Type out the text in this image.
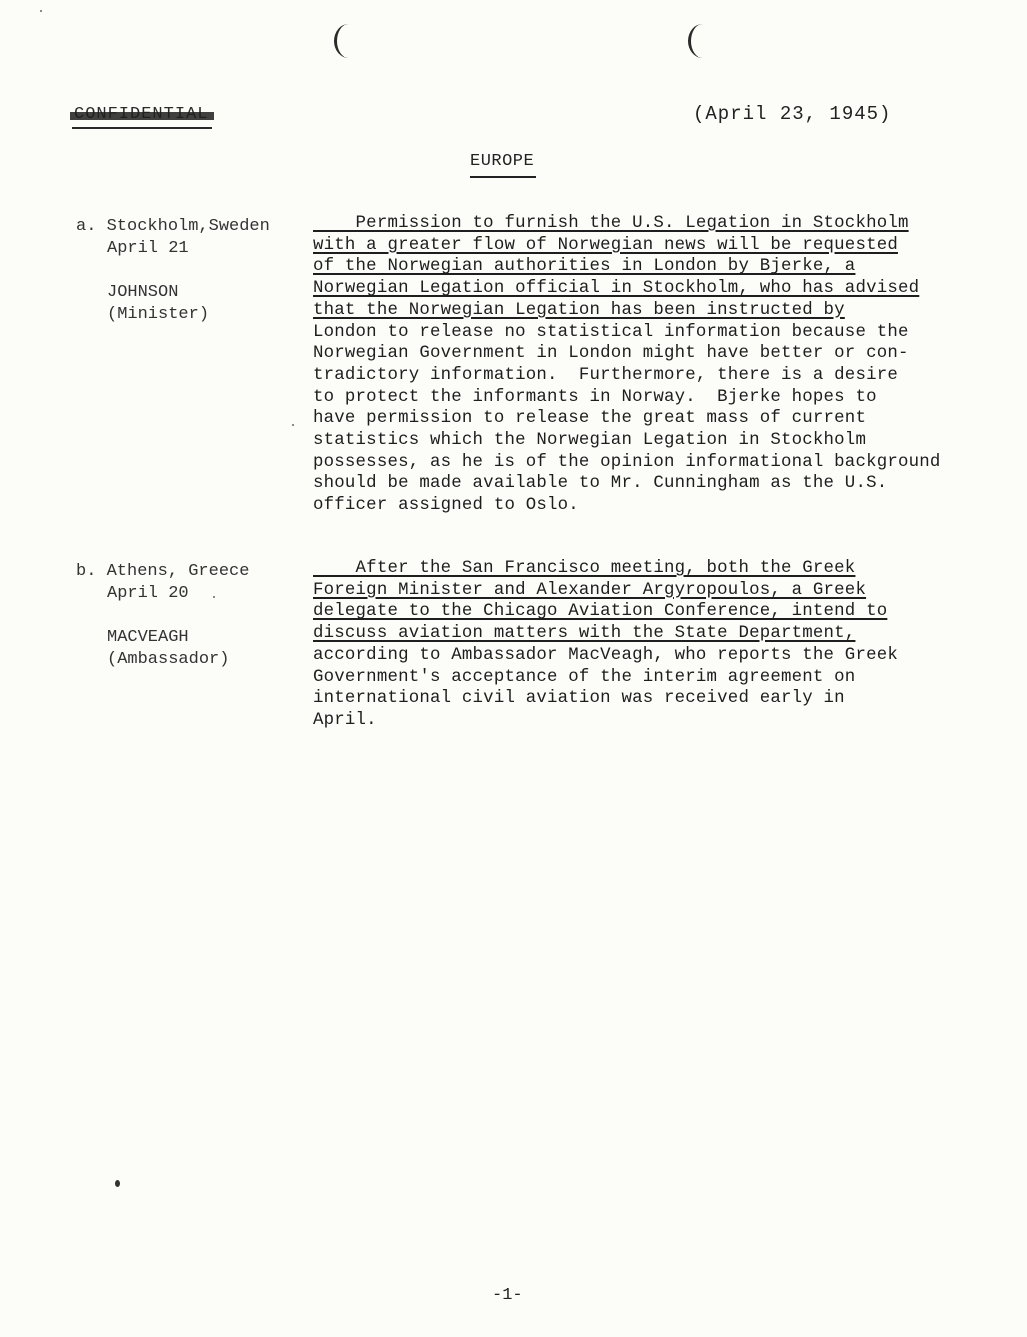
(April 23, 1945)
EUROPE
a. Stockholm,Sweden
April 21
JOHNSON
(Minister)
Permission to furnish the U.S. Legation in Stockholm
with a greater flow of Norwegian news will be requested
of the Norwegian authorities in London by Bjerke, a
Norwegian Legation official in Stockholm, who has advised
that the Norwegian Legation has been instructed by
London to release no statistical information because the
Norwegian Government in London might have better or con-
tradictory information.  Furthermore, there is a desire
to protect the informants in Norway.  Bjerke hopes to
have permission to release the great mass of current
statistics which the Norwegian Legation in Stockholm
possesses, as he is of the opinion informational background
should be made available to Mr. Cunningham as the U.S.
officer assigned to Oslo.
b. Athens, Greece
April 20
MACVEAGH
(Ambassador)
After the San Francisco meeting, both the Greek
Foreign Minister and Alexander Argyropoulos, a Greek
delegate to the Chicago Aviation Conference, intend to
discuss aviation matters with the State Department,
according to Ambassador MacVeagh, who reports the Greek
Government's acceptance of the interim agreement on
international civil aviation was received early in
April.
-1-
